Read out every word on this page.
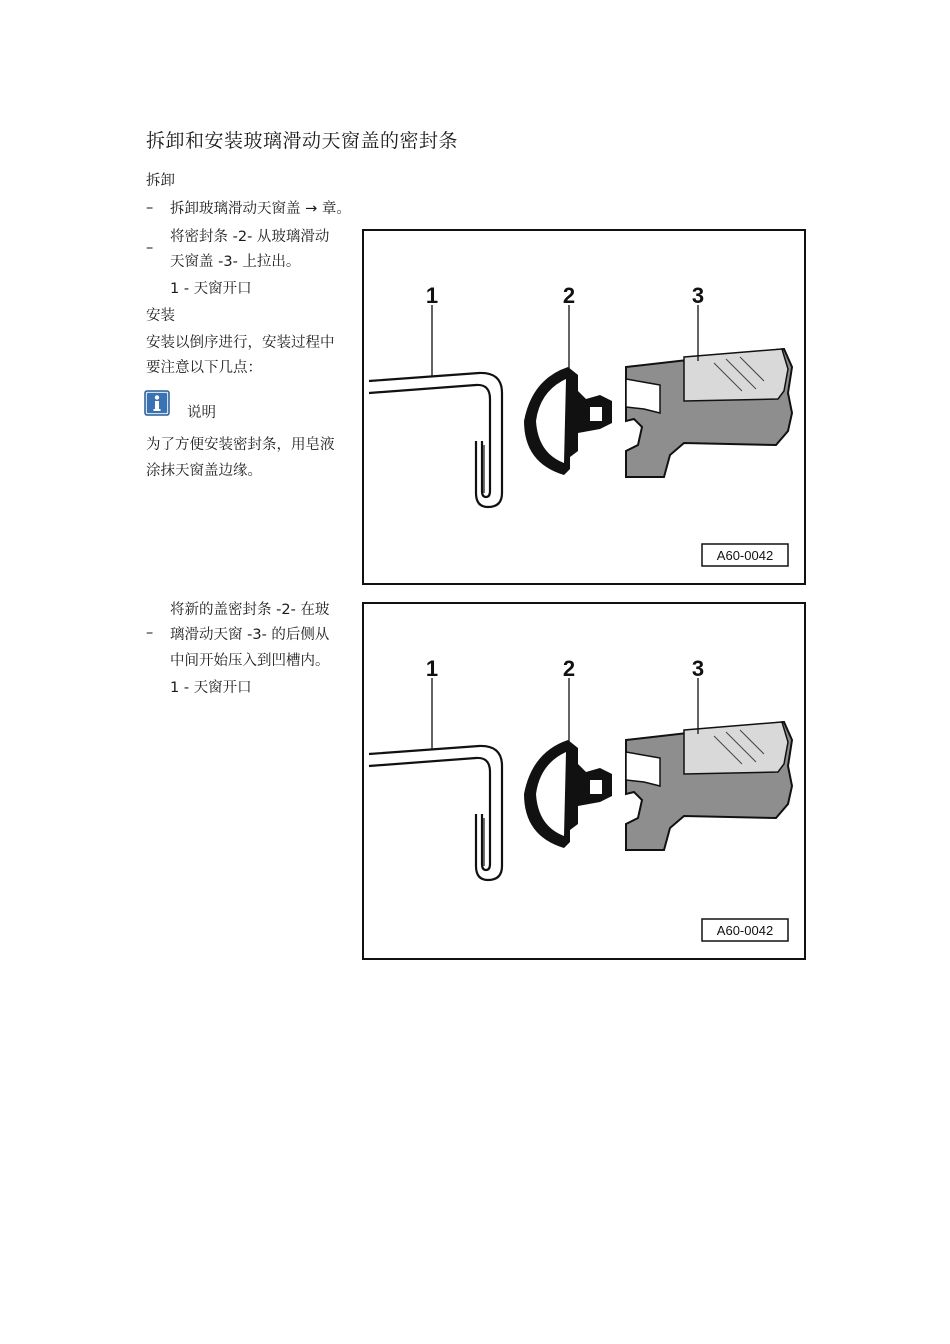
拆卸和安装玻璃滑动天窗盖的密封条
拆卸
– 拆卸玻璃滑动天窗盖 → 章。
–
将密封条 -2- 从玻璃滑动
天窗盖 -3- 上拉出。
1 - 天窗开口
安装
安装以倒序进行，安装过程中
要注意以下几点：
说明
为了方便安装密封条，用皂液
涂抹天窗盖边缘。
–
将新的盖密封条 -2- 在玻
璃滑动天窗 -3- 的后侧从
中间开始压入到凹槽内。
1 - 天窗开口
1	2	3
A60-0042
1	2	3
A60-0042
